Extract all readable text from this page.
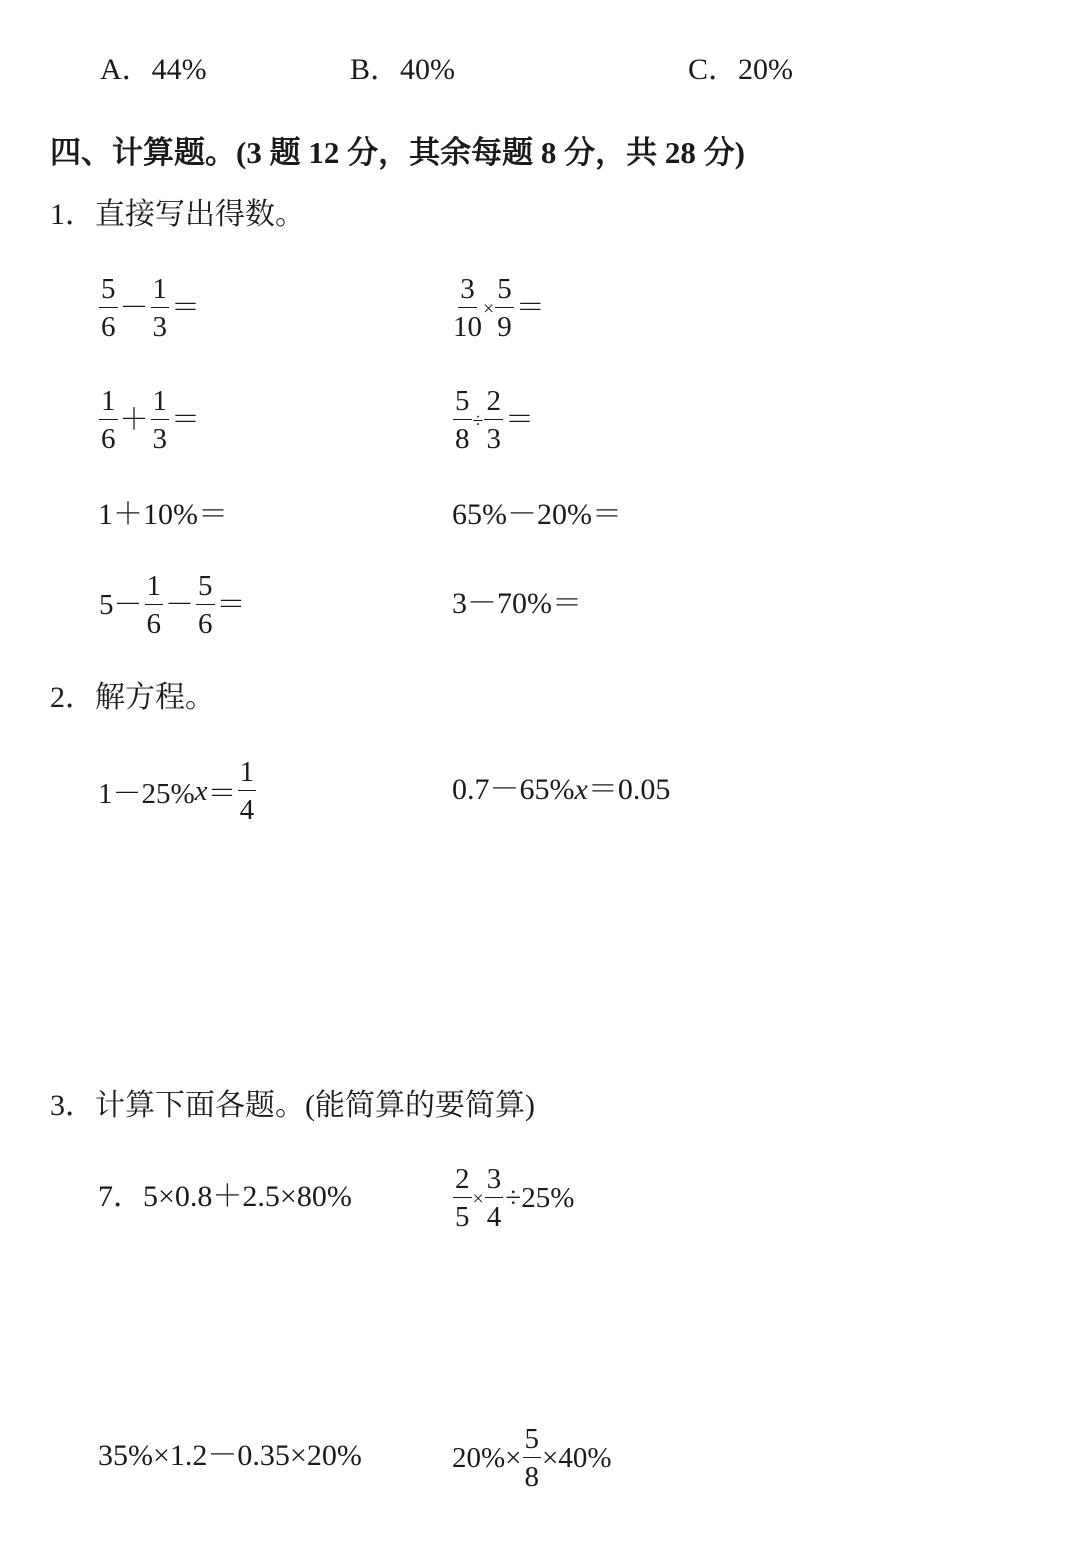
A．44%	B．40%	C．20%
四、计算题。(3 题 12 分，其余每题 8 分，共 28 分)
1．直接写出得数。
$\frac{5}{6} - \frac{1}{3}$ ＝	$\frac{3}{10} \times \frac{5}{9}$ ＝
$\frac{1}{6} + \frac{1}{3}$ ＝	$\frac{5}{8} \div \frac{2}{3}$ ＝
1＋10%＝	65%－20%＝
$5- \frac{1}{6} - \frac{5}{6}$ ＝	3－70%＝
2．解方程。
1－25% $x = \frac{1}{4}$	0.7－65%x＝0.05
3．计算下面各题。(能简算的要简算)
7．5×0.8＋2.5×80%	$\frac{2}{5} \times \frac{3}{4} \div 25\%$
35%×1.2－0.35×20%	$20\%\times \frac{5}{8} \times 40\%$
